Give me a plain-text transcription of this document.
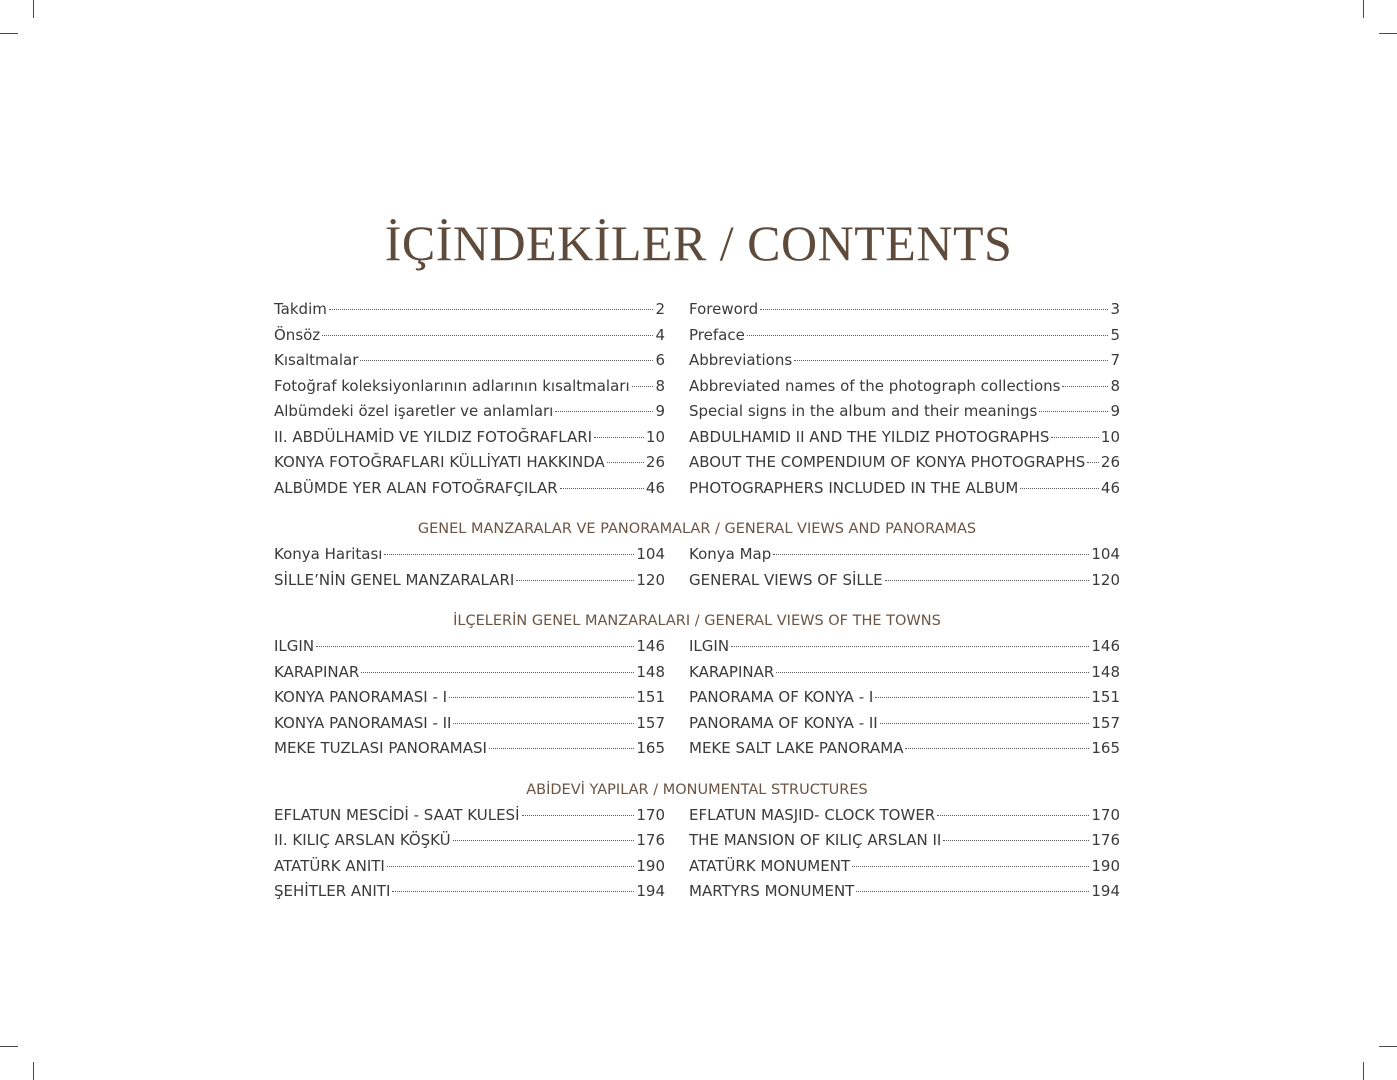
İÇİNDEKİLER / CONTENTS
Takdim	2
Önsöz	4
Kısaltmalar	6
Fotoğraf koleksiyonlarının adlarının kısaltmaları 8
Albümdeki özel işaretler ve anlamları	9
II. ABDÜLHAMİD VE YILDIZ FOTOĞRAFLARI	10
KONYA FOTOĞRAFLARI KÜLLİYATI HAKKINDA	26
ALBÜMDE YER ALAN FOTOĞRAFÇILAR	46
Foreword	3
Preface	5
Abbreviations	7
Abbreviated names of the photograph collections	8
Special signs in the album and their meanings	9
ABDULHAMID II AND THE YILDIZ PHOTOGRAPHS	10
ABOUT THE COMPENDIUM OF KONYA PHOTOGRAPHS 26
PHOTOGRAPHERS INCLUDED IN THE ALBUM	46
GENEL MANZARALAR VE PANORAMALAR / GENERAL VIEWS AND PANORAMAS
Konya Haritası	104
SİLLE’NİN GENEL MANZARALARI	120
Konya Map	104
GENERAL VIEWS OF SİLLE	120
İLÇELERİN GENEL MANZARALARI / GENERAL VIEWS OF THE TOWNS
ILGIN	146
KARAPINAR	148
KONYA PANORAMASI - I	151
KONYA PANORAMASI - II	157
MEKE TUZLASI PANORAMASI	165
ILGIN	146
KARAPINAR	148
PANORAMA OF KONYA - I	151
PANORAMA OF KONYA - II	157
MEKE SALT LAKE PANORAMA	165
ABİDEVİ YAPILAR / MONUMENTAL STRUCTURES
EFLATUN MESCİDİ - SAAT KULESİ	170
II. KILIÇ ARSLAN KÖŞKÜ	176
ATATÜRK ANITI	190
ŞEHİTLER ANITI	194
EFLATUN MASJID- CLOCK TOWER	170
THE MANSION OF KILIÇ ARSLAN II	176
ATATÜRK MONUMENT	190
MARTYRS MONUMENT	194
